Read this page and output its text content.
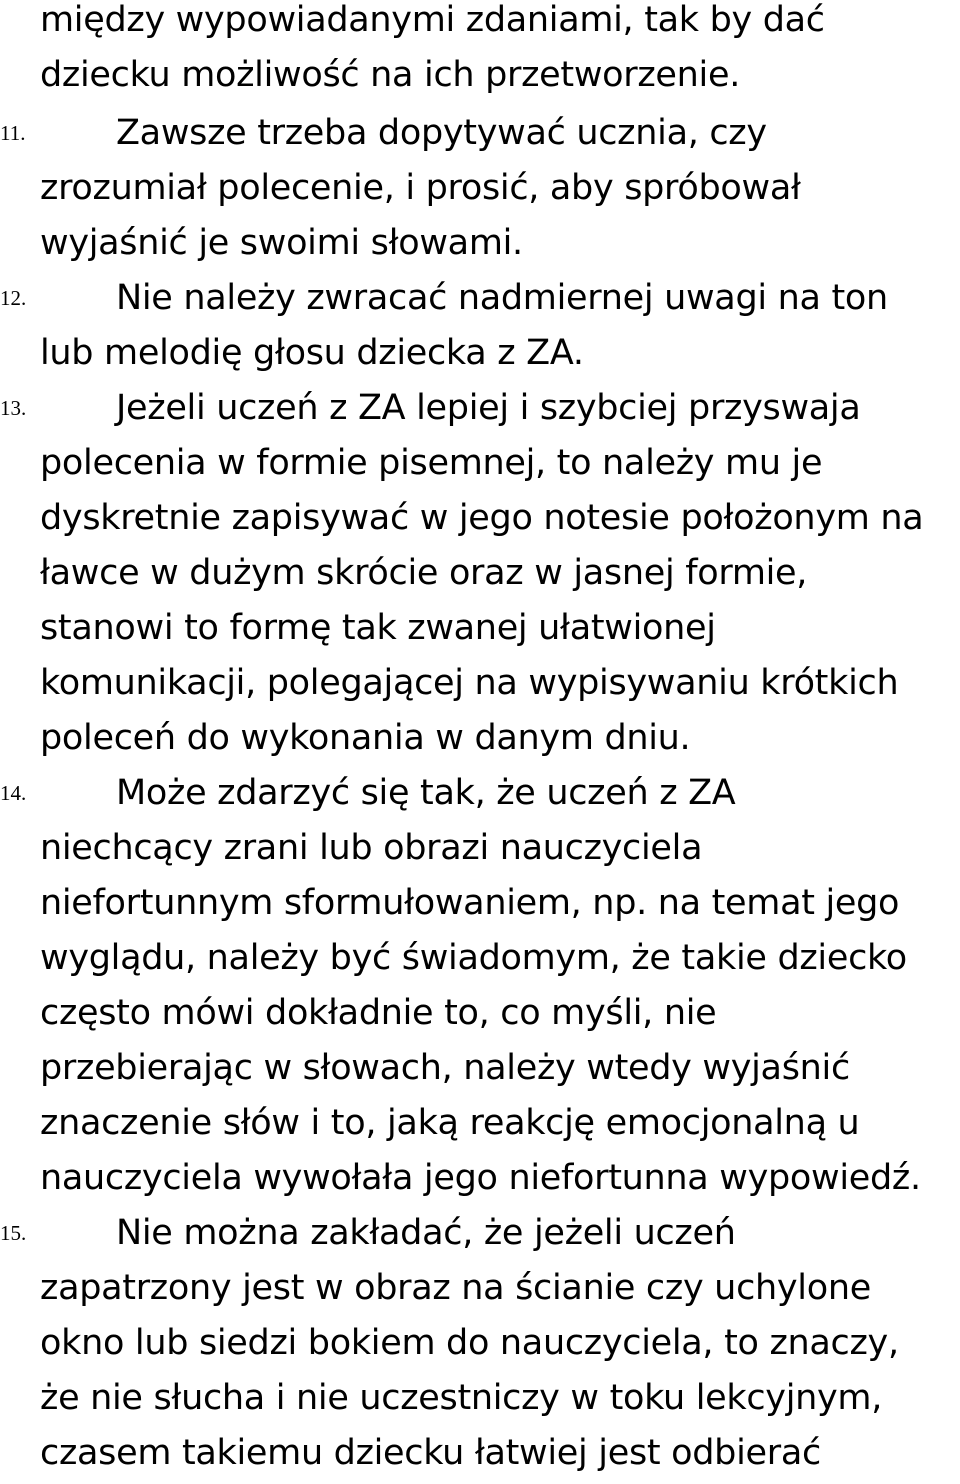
między wypowiadanymi zdaniami, tak by dać
dziecku możliwość na ich przetworzenie.
11.	Zawsze trzeba dopytywać ucznia, czy
zrozumiał polecenie, i prosić, aby spróbował
wyjaśnić je swoimi słowami.
12.	Nie należy zwracać nadmiernej uwagi na ton
lub melodię głosu dziecka z ZA.
13.	Jeżeli uczeń z ZA lepiej i szybciej przyswaja
polecenia w formie pisemnej, to należy mu je
dyskretnie zapisywać w jego notesie położonym na
ławce w dużym skrócie oraz w jasnej formie,
stanowi to formę tak zwanej ułatwionej
komunikacji, polegającej na wypisywaniu krótkich
poleceń do wykonania w danym dniu.
14.	Może zdarzyć się tak, że uczeń z ZA
niechcący zrani lub obrazi nauczyciela
niefortunnym sformułowaniem, np. na temat jego
wyglądu, należy być świadomym, że takie dziecko
często mówi dokładnie to, co myśli, nie
przebierając w słowach, należy wtedy wyjaśnić
znaczenie słów i to, jaką reakcję emocjonalną u
nauczyciela wywołała jego niefortunna wypowiedź.
15.	Nie można zakładać, że jeżeli uczeń
zapatrzony jest w obraz na ścianie czy uchylone
okno lub siedzi bokiem do nauczyciela, to znaczy,
że nie słucha i nie uczestniczy w toku lekcyjnym,
czasem takiemu dziecku łatwiej jest odbierać
